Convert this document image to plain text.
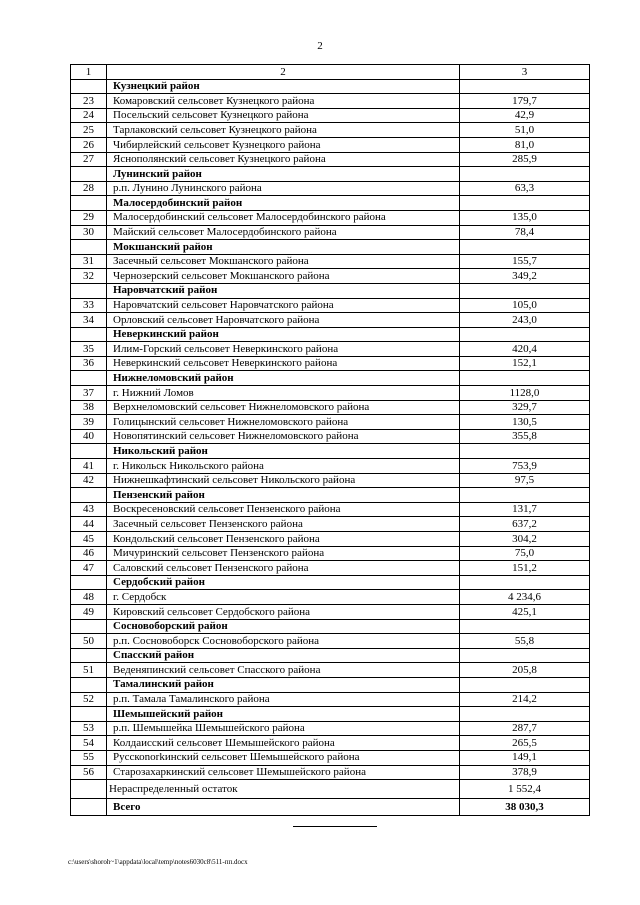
2
1	2	3
	Кузнецкий район	
23	Комаровский сельсовет Кузнецкого района	179,7
24	Посельский сельсовет Кузнецкого района	42,9
25	Тарлаковский сельсовет Кузнецкого района	51,0
26	Чибирлейский сельсовет Кузнецкого района	81,0
27	Яснополянский сельсовет Кузнецкого района	285,9
	Лунинский район	
28	р.п. Лунино Лунинского района	63,3
	Малосердобинский район	
29	Малосердобинский сельсовет Малосердобинского района	135,0
30	Майский сельсовет Малосердобинского района	78,4
	Мокшанский район	
31	Засечный сельсовет Мокшанского района	155,7
32	Чернозерский сельсовет Мокшанского района	349,2
	Наровчатский район	
33	Наровчатский сельсовет Наровчатского района	105,0
34	Орловский сельсовет Наровчатского района	243,0
	Неверкинский район	
35	Илим-Горский сельсовет Неверкинского района	420,4
36	Неверкинский сельсовет Неверкинского района	152,1
	Нижнеломовский район	
37	г. Нижний Ломов	1128,0
38	Верхнеломовский сельсовет Нижнеломовского района	329,7
39	Голицынский сельсовет Нижнеломовского района	130,5
40	Новопятинский сельсовет Нижнеломовского района	355,8
	Никольский район	
41	г. Никольск Никольского района	753,9
42	Нижнешкафтинский сельсовет Никольского района	97,5
	Пензенский район	
43	Воскресеновский сельсовет Пензенского района	131,7
44	Засечный сельсовет Пензенского района	637,2
45	Кондольский сельсовет Пензенского района	304,2
46	Мичуринский сельсовет Пензенского района	75,0
47	Саловский сельсовет Пензенского района	151,2
	Сердобский район	
48	г. Сердобск	4 234,6
49	Кировский сельсовет Сердобского района	425,1
	Сосновоборский район	
50	р.п. Сосновоборск Сосновоборского района	55,8
	Спасский район	
51	Веденяпинский сельсовет Спасского района	205,8
	Тамалинский район	
52	р.п. Тамала Тамалинского района	214,2
	Шемышейский район	
53	р.п. Шемышейка Шемышейского района	287,7
54	Колдаисский сельсовет Шемышейского района	265,5
55	Русскоnorkинский сельсовет Шемышейского района	149,1
56	Старозахаркинский сельсовет Шемышейского района	378,9
	Нераспределенный остаток	1 552,4
	Всего	38 030,3
c:\users\shoroh~1\appdata\local\temp\notes6030c8\511-пп.docx
